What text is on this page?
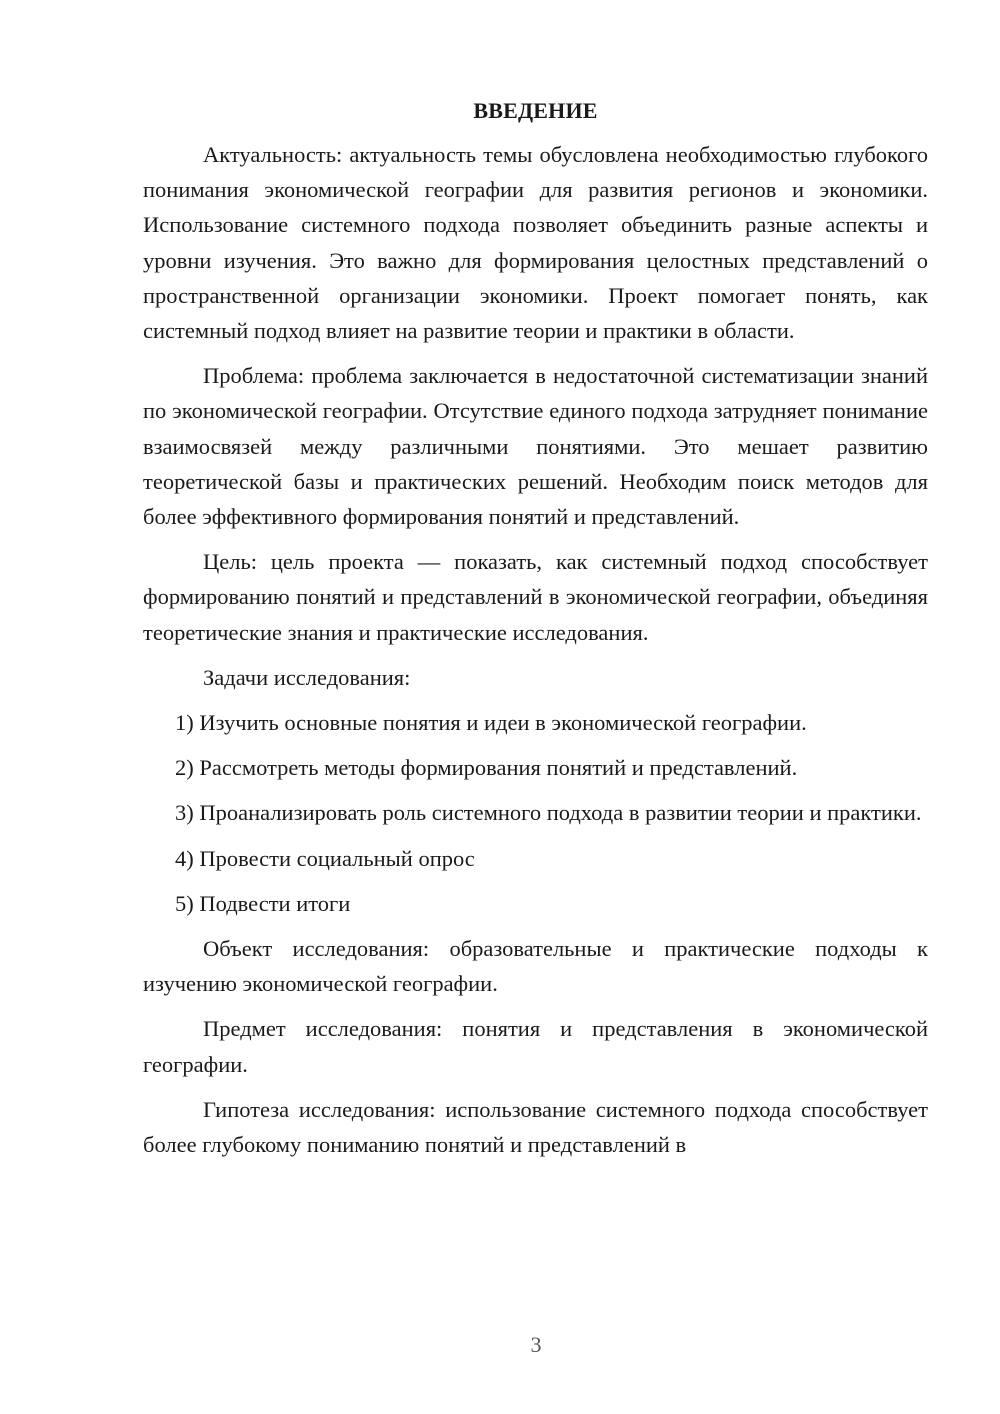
ВВЕДЕНИЕ

Актуальность: актуальность темы обусловлена необходимостью глубокого понимания экономической географии для развития регионов и экономики. Использование системного подхода позволяет объединить разные аспекты и уровни изучения. Это важно для формирования целостных представлений о пространственной организации экономики. Проект помогает понять, как системный подход влияет на развитие теории и практики в области.

Проблема: проблема заключается в недостаточной систематизации знаний по экономической географии. Отсутствие единого подхода затрудняет понимание взаимосвязей между различными понятиями. Это мешает развитию теоретической базы и практических решений. Необходим поиск методов для более эффективного формирования понятий и представлений.

Цель: цель проекта — показать, как системный подход способствует формированию понятий и представлений в экономической географии, объединяя теоретические знания и практические исследования.

Задачи исследования:

1) Изучить основные понятия и идеи в экономической географии.

2) Рассмотреть методы формирования понятий и представлений.

3) Проанализировать роль системного подхода в развитии теории и практики.

4) Провести социальный опрос

5) Подвести итоги

Объект исследования: образовательные и практические подходы к изучению экономической географии.

Предмет исследования: понятия и представления в экономической географии.

Гипотеза исследования: использование системного подхода способствует более глубокому пониманию понятий и представлений в

3
